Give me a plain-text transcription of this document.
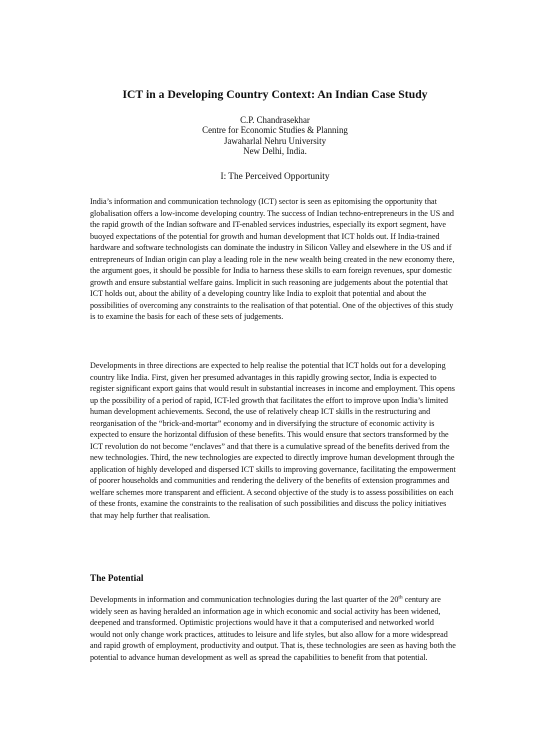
ICT in a Developing Country Context: An Indian Case Study
C.P. Chandrasekhar
Centre for Economic Studies & Planning
Jawaharlal Nehru University
New Delhi, India.
I: The Perceived Opportunity

India’s information and communication technology (ICT) sector is seen as epitomising the opportunity that globalisation offers a low-income developing country. The success of Indian techno-entrepreneurs in the US and the rapid growth of the Indian software and IT-enabled services industries, especially its export segment, have buoyed expectations of the potential for growth and human development that ICT holds out. If India-trained hardware and software technologists can dominate the industry in Silicon Valley and elsewhere in the US and if entrepreneurs of Indian origin can play a leading role in the new wealth being created in the new economy there, the argument goes, it should be possible for India to harness these skills to earn foreign revenues, spur domestic growth and ensure substantial welfare gains. Implicit in such reasoning are judgements about the potential that ICT holds out, about the ability of a developing country like India to exploit that potential and about the possibilities of overcoming any constraints to the realisation of that potential. One of the objectives of this study is to examine the basis for each of these sets of judgements.

Developments in three directions are expected to help realise the potential that ICT holds out for a developing country like India. First, given her presumed advantages in this rapidly growing sector, India is expected to register significant export gains that would result in substantial increases in income and employment. This opens up the possibility of a period of rapid, ICT-led growth that facilitates the effort to improve upon India’s limited human development achievements. Second, the use of relatively cheap ICT skills in the restructuring and reorganisation of the “brick-and-mortar” economy and in diversifying the structure of economic activity is expected to ensure the horizontal diffusion of these benefits. This would ensure that sectors transformed by the ICT revolution do not become “enclaves” and that there is a cumulative spread of the benefits derived from the new technologies. Third, the new technologies are expected to directly improve human development through the application of highly developed and dispersed ICT skills to improving governance, facilitating the empowerment of poorer households and communities and rendering the delivery of the benefits of extension programmes and welfare schemes more transparent and efficient. A second objective of the study is to assess possibilities on each of these fronts, examine the constraints to the realisation of such possibilities and discuss the policy initiatives that may help further that realisation.

The Potential

Developments in information and communication technologies during the last quarter of the 20th century are widely seen as having heralded an information age in which economic and social activity has been widened, deepened and transformed. Optimistic projections would have it that a computerised and networked world would not only change work practices, attitudes to leisure and life styles, but also allow for a more widespread and rapid growth of employment, productivity and output. That is, these technologies are seen as having both the potential to advance human development as well as spread the capabilities to benefit from that potential.
